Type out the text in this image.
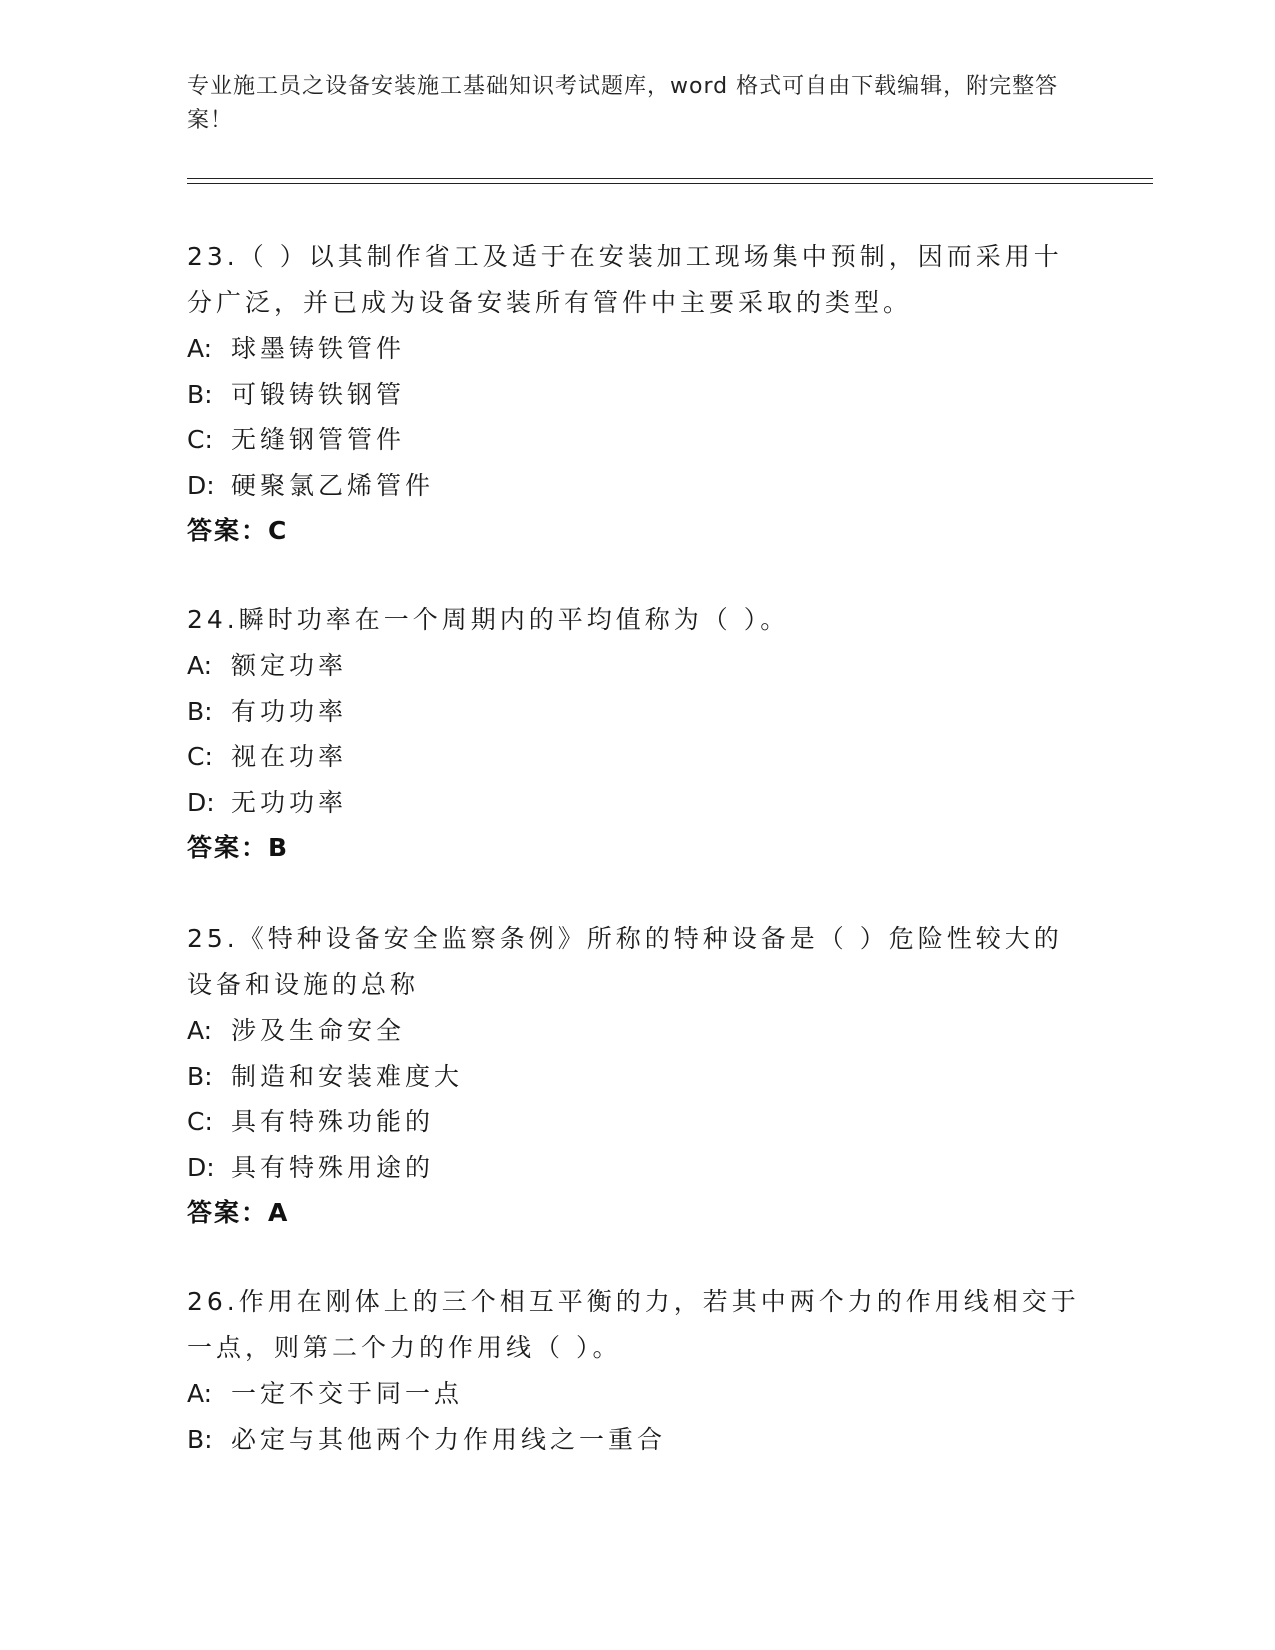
专业施工员之设备安装施工基础知识考试题库，word 格式可自由下载编辑，附完整答案！
23.（ ）以其制作省工及适于在安装加工现场集中预制，因而采用十分广泛，并已成为设备安装所有管件中主要采取的类型。
A: 球墨铸铁管件
B: 可锻铸铁钢管
C: 无缝钢管管件
D: 硬聚氯乙烯管件
答案：C
24.瞬时功率在一个周期内的平均值称为（ ）。
A: 额定功率
B: 有功功率
C: 视在功率
D: 无功功率
答案：B
25.《特种设备安全监察条例》所称的特种设备是（ ）危险性较大的设备和设施的总称
A: 涉及生命安全
B: 制造和安装难度大
C: 具有特殊功能的
D: 具有特殊用途的
答案：A
26.作用在刚体上的三个相互平衡的力，若其中两个力的作用线相交于一点，则第二个力的作用线（ ）。
A: 一定不交于同一点
B: 必定与其他两个力作用线之一重合
